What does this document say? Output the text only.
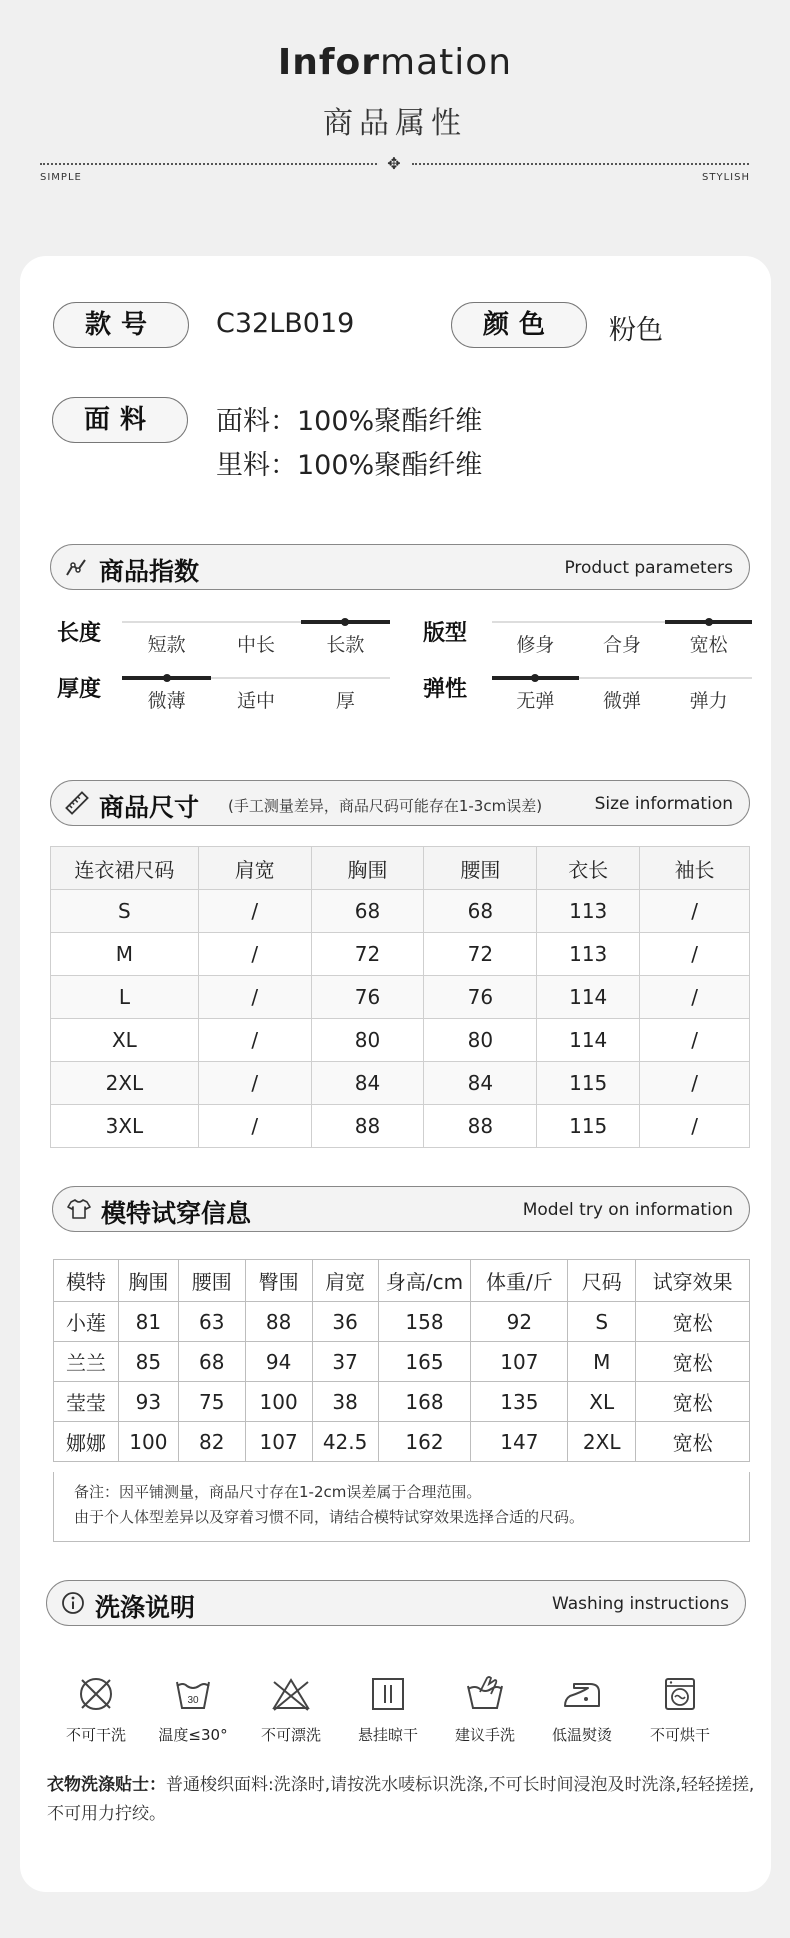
Information
商品属性
✥
SIMPLE	STYLISH
款号	C32LB019	颜色	粉色
面料	面料：100%聚酯纤维
里料：100%聚酯纤维
商品指数	Product parameters
长度	短款	中长	长款	版型	修身	合身	宽松
厚度	微薄	适中	厚	弹性	无弹	微弹	弹力
商品尺寸 (手工测量差异，商品尺码可能存在1-3cm误差)	Size information
连衣裙尺码	肩宽	胸围	腰围	衣长	袖长
S	/	68	68	113	/
M	/	72	72	113	/
L	/	76	76	114	/
XL	/	80	80	114	/
2XL	/	84	84	115	/
3XL	/	88	88	115	/
模特试穿信息	Model try on information
模特	胸围	腰围	臀围	肩宽	身高/cm	体重/斤	尺码	试穿效果
小莲	81	63	88	36	158	92	S	宽松
兰兰	85	68	94	37	165	107	M	宽松
莹莹	93	75	100	38	168	135	XL	宽松
娜娜	100	82	107	42.5	162	147	2XL	宽松
备注：因平铺测量，商品尺寸存在1-2cm误差属于合理范围。
由于个人体型差异以及穿着习惯不同，请结合模特试穿效果选择合适的尺码。
洗涤说明	Washing instructions
不可干洗
30
温度≤30°	不可漂洗	悬挂晾干	建议手洗	低温熨烫	不可烘干
衣物洗涤贴士：普通梭织面料:洗涤时,请按洗水唛标识洗涤,不可长时间浸泡及时洗涤,轻轻搓搓,不可用力拧绞。
